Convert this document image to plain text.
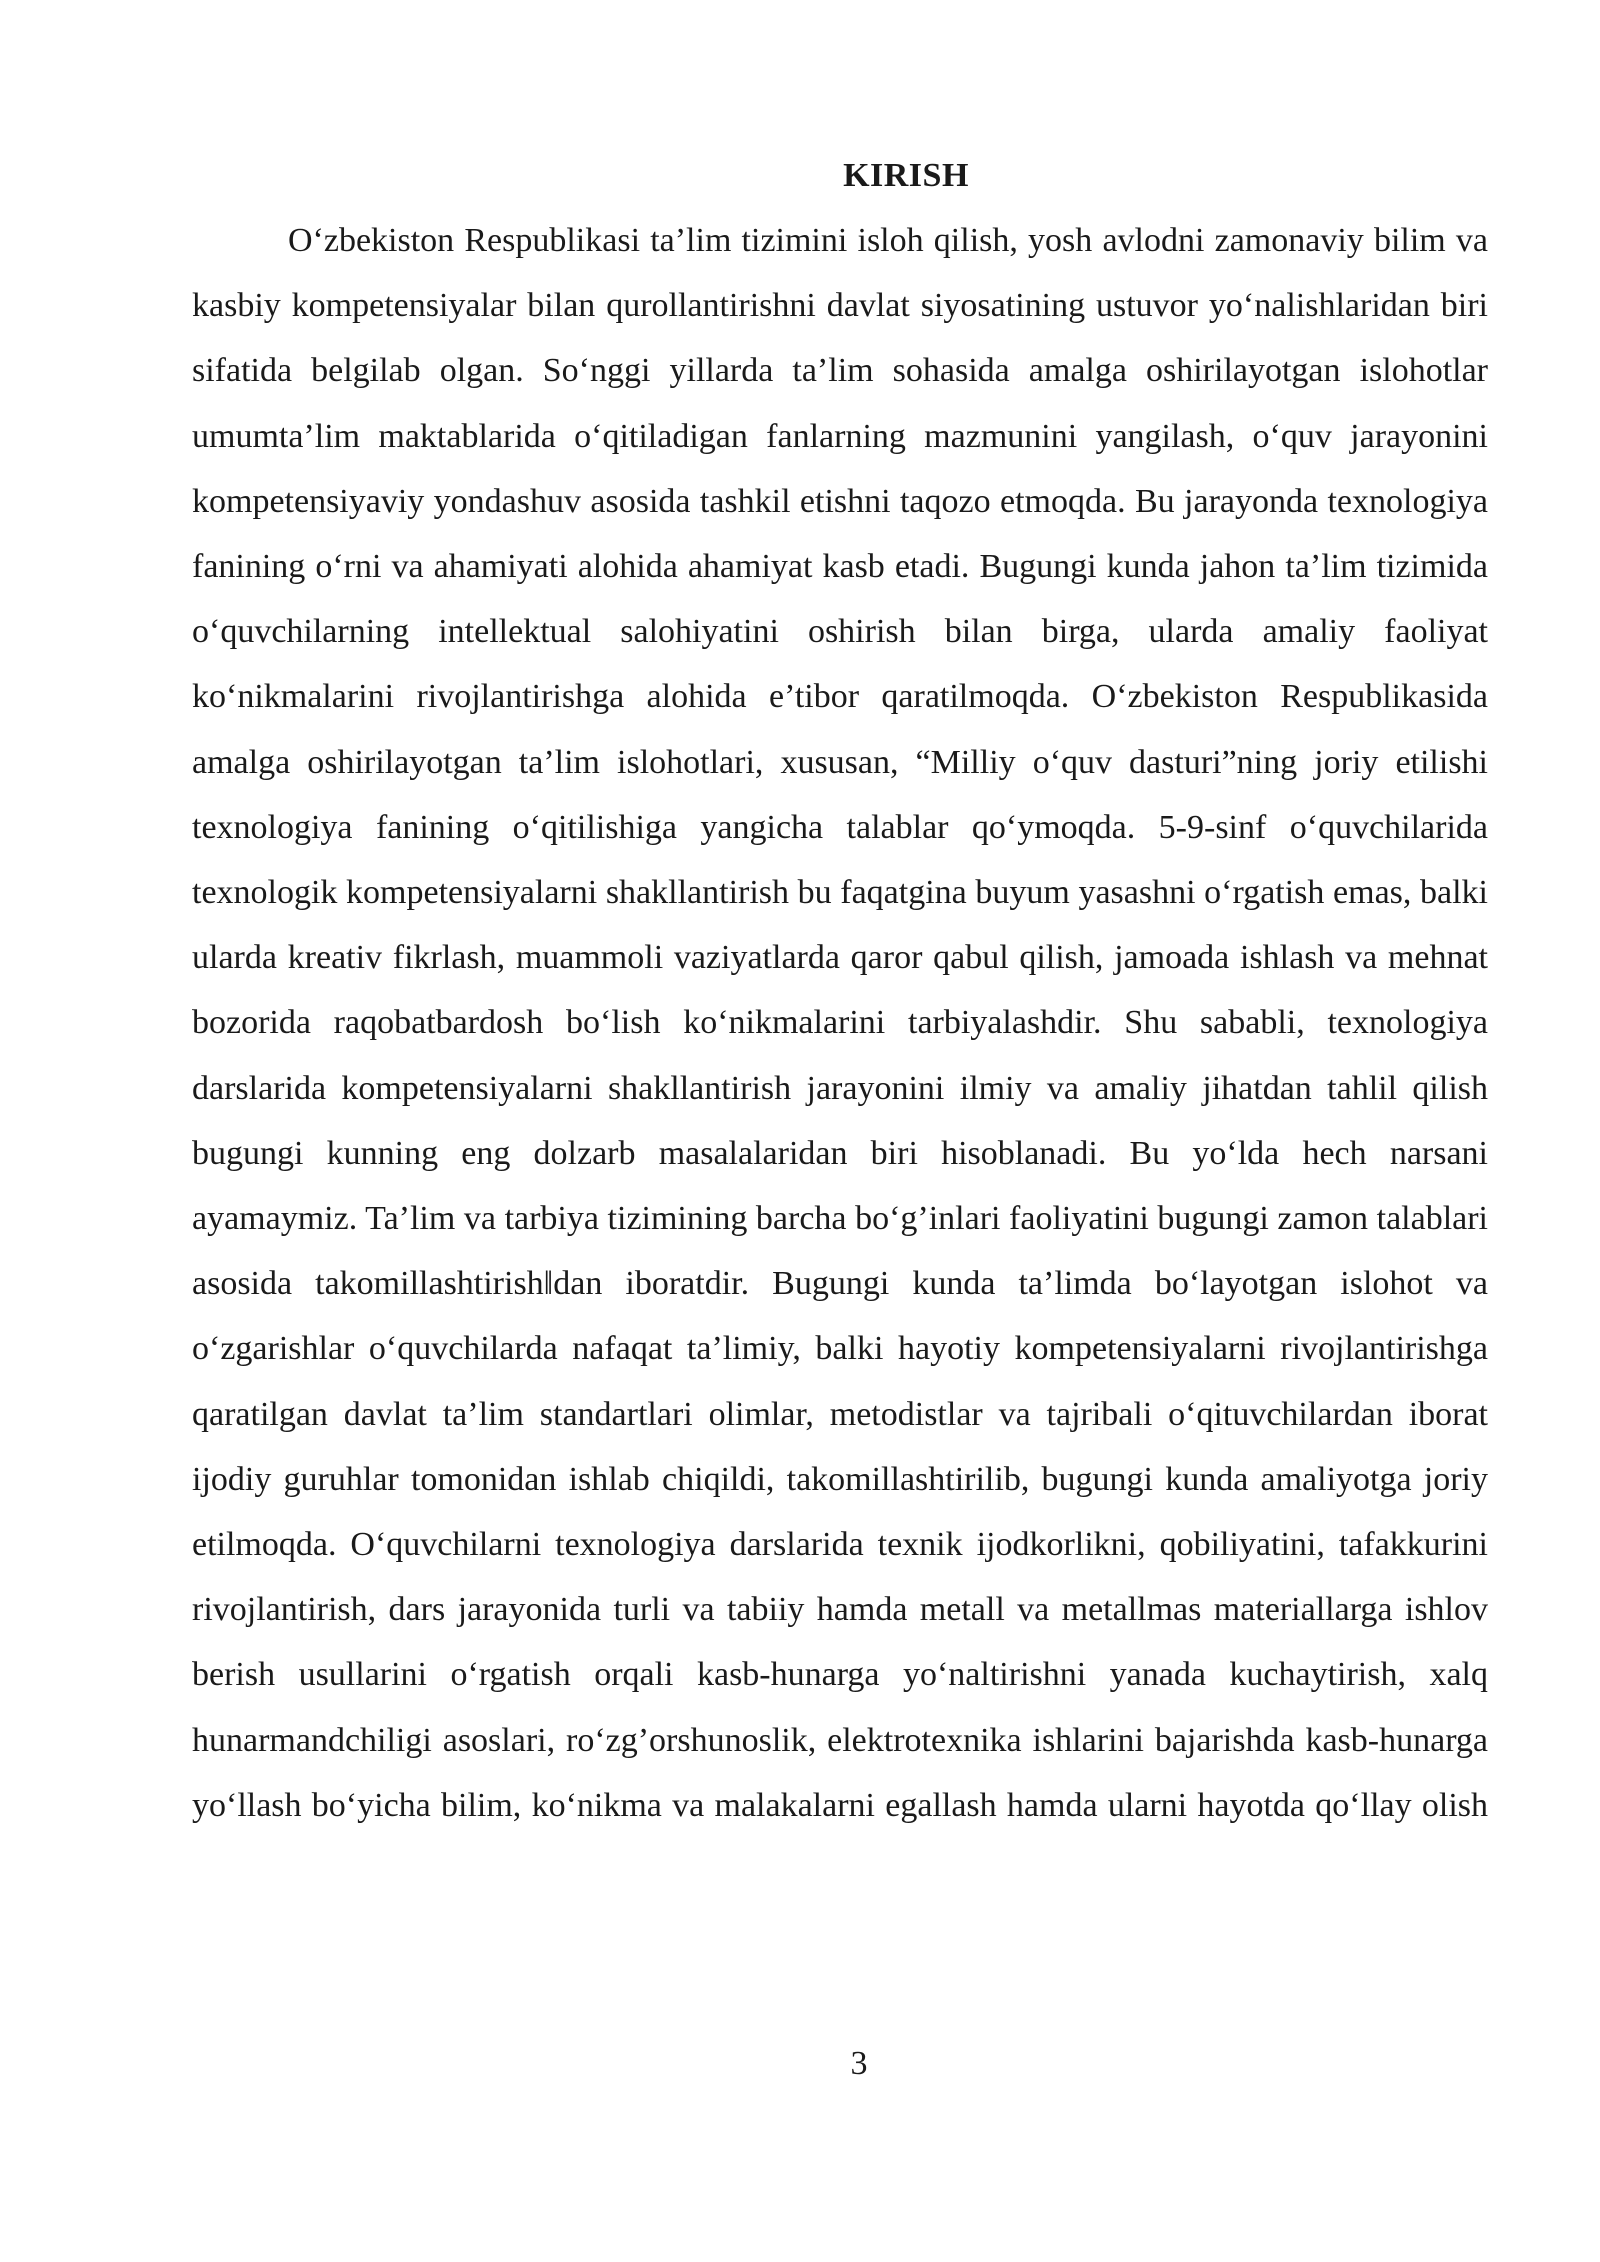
KIRISH

O‘zbekiston Respublikasi ta’lim tizimini isloh qilish, yosh avlodni zamonaviy bilim va kasbiy kompetensiyalar bilan qurollantirishni davlat siyosatining ustuvor yo‘nalishlaridan biri sifatida belgilab olgan. So‘nggi yillarda ta’lim sohasida amalga oshirilayotgan islohotlar umumta’lim maktablarida o‘qitiladigan fanlarning mazmunini yangilash, o‘quv jarayonini kompetensiyaviy yondashuv asosida tashkil etishni taqozo etmoqda. Bu jarayonda texnologiya fanining o‘rni va ahamiyati alohida ahamiyat kasb etadi. Bugungi kunda jahon ta’lim tizimida o‘quvchilarning intellektual salohiyatini oshirish bilan birga, ularda amaliy faoliyat ko‘nikmalarini rivojlantirishga alohida e’tibor qaratilmoqda. O‘zbekiston Respublikasida amalga oshirilayotgan ta’lim islohotlari, xususan, “Milliy o‘quv dasturi”ning joriy etilishi texnologiya fanining o‘qitilishiga yangicha talablar qo‘ymoqda. 5-9-sinf o‘quvchilarida texnologik kompetensiyalarni shakllantirish bu faqatgina buyum yasashni o‘rgatish emas, balki ularda kreativ fikrlash, muammoli vaziyatlarda qaror qabul qilish, jamoada ishlash va mehnat bozorida raqobatbardosh bo‘lish ko‘nikmalarini tarbiyalashdir. Shu sababli, texnologiya darslarida kompetensiyalarni shakllantirish jarayonini ilmiy va amaliy jihatdan tahlil qilish bugungi kunning eng dolzarb masalalaridan biri hisoblanadi. Bu yo‘lda hech narsani ayamaymiz. Ta’lim va tarbiya tizimining barcha bo‘g’inlari faoliyatini bugungi zamon talablari asosida takomillashtirish‖dan iboratdir. Bugungi kunda ta’limda bo‘layotgan islohot va o‘zgarishlar o‘quvchilarda nafaqat ta’limiy, balki hayotiy kompetensiyalarni rivojlantirishga qaratilgan davlat ta’lim standartlari olimlar, metodistlar va tajribali o‘qituvchilardan iborat ijodiy guruhlar tomonidan ishlab chiqildi, takomillashtirilib, bugungi kunda amaliyotga joriy etilmoqda. O‘quvchilarni texnologiya darslarida texnik ijodkorlikni, qobiliyatini, tafakkurini rivojlantirish, dars jarayonida turli va tabiiy hamda metall va metallmas materiallarga ishlov berish usullarini o‘rgatish orqali kasb-hunarga yo‘naltirishni yanada kuchaytirish, xalq hunarmandchiligi asoslari, ro‘zg’orshunoslik, elektrotexnika ishlarini bajarishda kasb-hunarga yo‘llash bo‘yicha bilim, ko‘nikma va malakalarni egallash hamda ularni hayotda qo‘llay olish

3
